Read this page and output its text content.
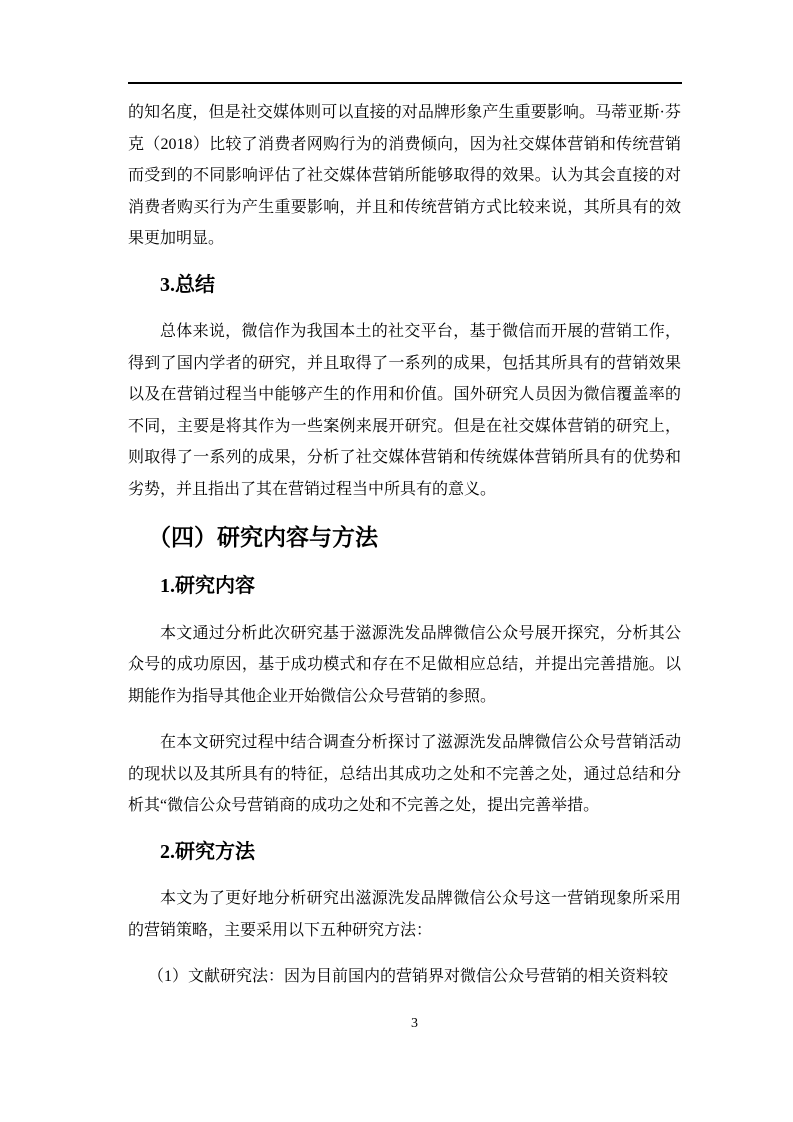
的知名度，但是社交媒体则可以直接的对品牌形象产生重要影响。马蒂亚斯·芬克（2018）比较了消费者网购行为的消费倾向，因为社交媒体营销和传统营销而受到的不同影响评估了社交媒体营销所能够取得的效果。认为其会直接的对消费者购买行为产生重要影响，并且和传统营销方式比较来说，其所具有的效果更加明显。

3.总结

总体来说，微信作为我国本土的社交平台，基于微信而开展的营销工作，得到了国内学者的研究，并且取得了一系列的成果，包括其所具有的营销效果以及在营销过程当中能够产生的作用和价值。国外研究人员因为微信覆盖率的不同，主要是将其作为一些案例来展开研究。但是在社交媒体营销的研究上，则取得了一系列的成果，分析了社交媒体营销和传统媒体营销所具有的优势和劣势，并且指出了其在营销过程当中所具有的意义。

（四）研究内容与方法
1.研究内容

本文通过分析此次研究基于滋源洗发品牌微信公众号展开探究，分析其公众号的成功原因，基于成功模式和存在不足做相应总结，并提出完善措施。以期能作为指导其他企业开始微信公众号营销的参照。

在本文研究过程中结合调查分析探讨了滋源洗发品牌微信公众号营销活动的现状以及其所具有的特征，总结出其成功之处和不完善之处，通过总结和分析其“微信公众号营销商的成功之处和不完善之处，提出完善举措。

2.研究方法

本文为了更好地分析研究出滋源洗发品牌微信公众号这一营销现象所采用的营销策略，主要采用以下五种研究方法：

（1）文献研究法：因为目前国内的营销界对微信公众号营销的相关资料较

3
